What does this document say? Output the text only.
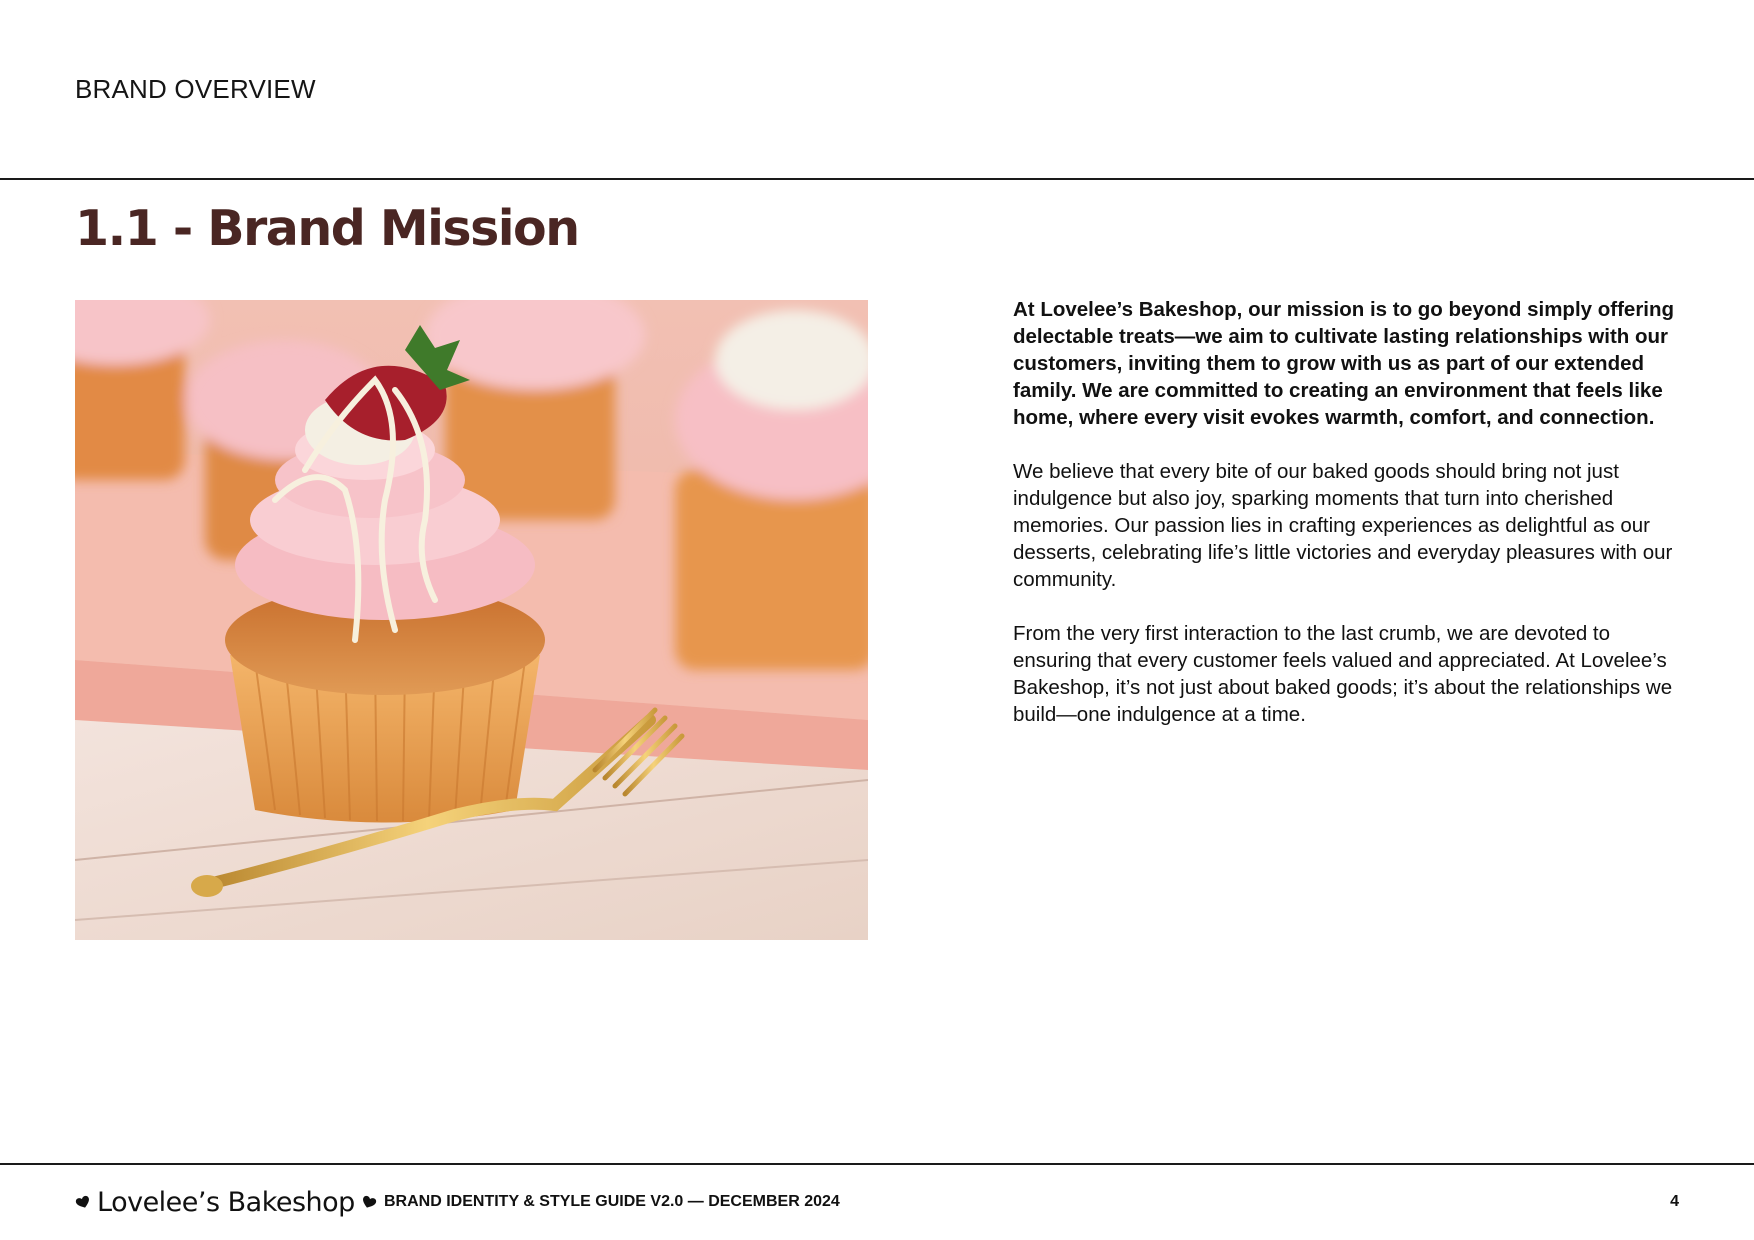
BRAND OVERVIEW
1.1 - Brand Mission

At Lovelee’s Bakeshop, our mission is to go beyond simply offering delectable treats—we aim to cultivate lasting relationships with our customers, inviting them to grow with us as part of our extended family. We are committed to creating an environment that feels like home, where every visit evokes warmth, comfort, and connection.

We believe that every bite of our baked goods should bring not just indulgence but also joy, sparking moments that turn into cherished memories. Our passion lies in crafting experiences as delightful as our desserts, celebrating life’s little victories and everyday pleasures with our community.

From the very first interaction to the last crumb, we are devoted to ensuring that every customer feels valued and appreciated. At Lovelee’s Bakeshop, it’s not just about baked goods; it’s about the relationships we build—one indulgence at a time.

Lovelee’s Bakeshop BRAND IDENTITY & STYLE GUIDE V2.0 — DECEMBER 2024	4
